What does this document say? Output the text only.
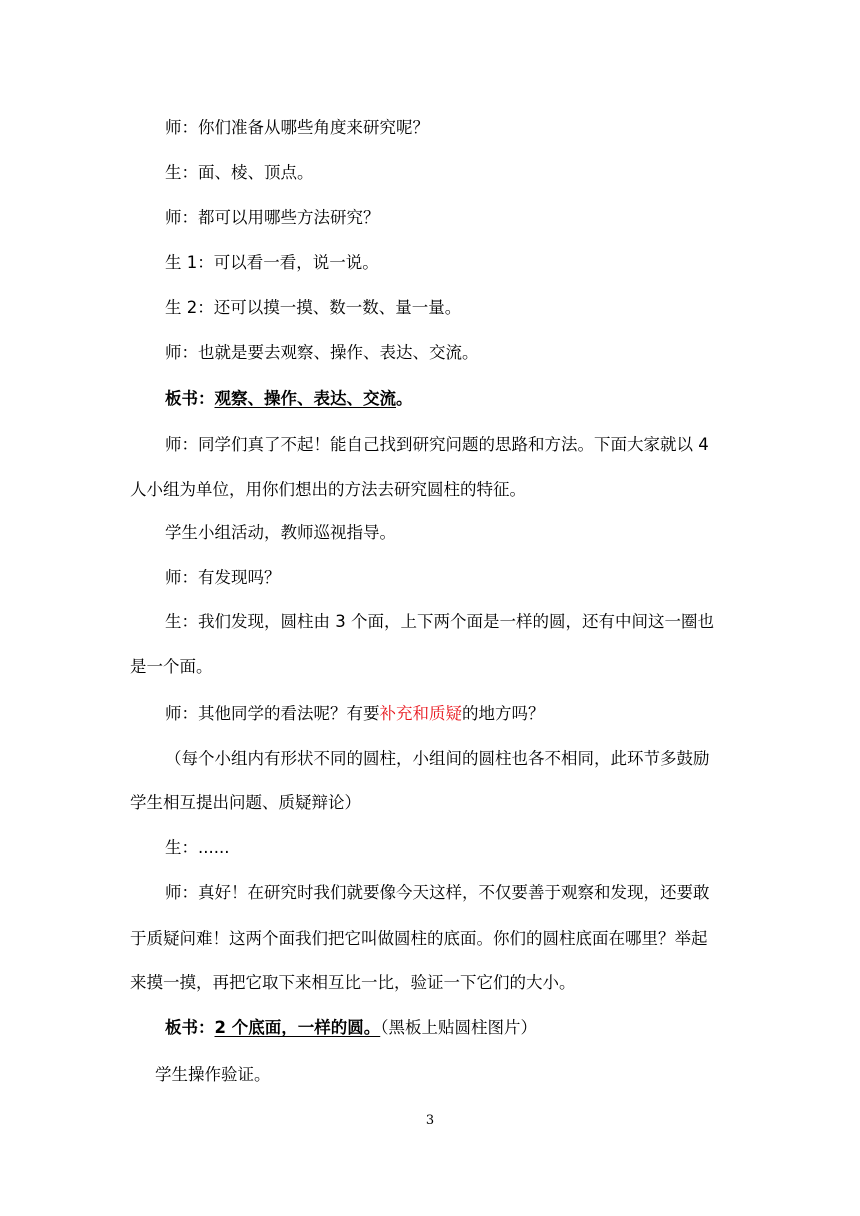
师：你们准备从哪些角度来研究呢？
生：面、棱、顶点。
师：都可以用哪些方法研究？
生 1：可以看一看，说一说。
生 2：还可以摸一摸、数一数、量一量。
师：也就是要去观察、操作、表达、交流。
板书：观察、操作、表达、交流。
师：同学们真了不起！能自己找到研究问题的思路和方法。下面大家就以 4
人小组为单位，用你们想出的方法去研究圆柱的特征。
学生小组活动，教师巡视指导。
师：有发现吗？
生：我们发现，圆柱由 3 个面，上下两个面是一样的圆，还有中间这一圈也
是一个面。
师：其他同学的看法呢？有要补充和质疑的地方吗？
（每个小组内有形状不同的圆柱，小组间的圆柱也各不相同，此环节多鼓励
学生相互提出问题、质疑辩论）
生：......
师：真好！在研究时我们就要像今天这样，不仅要善于观察和发现，还要敢
于质疑问难！这两个面我们把它叫做圆柱的底面。你们的圆柱底面在哪里？举起
来摸一摸，再把它取下来相互比一比，验证一下它们的大小。
板书：2 个底面，一样的圆。（黑板上贴圆柱图片）
学生操作验证。
3
